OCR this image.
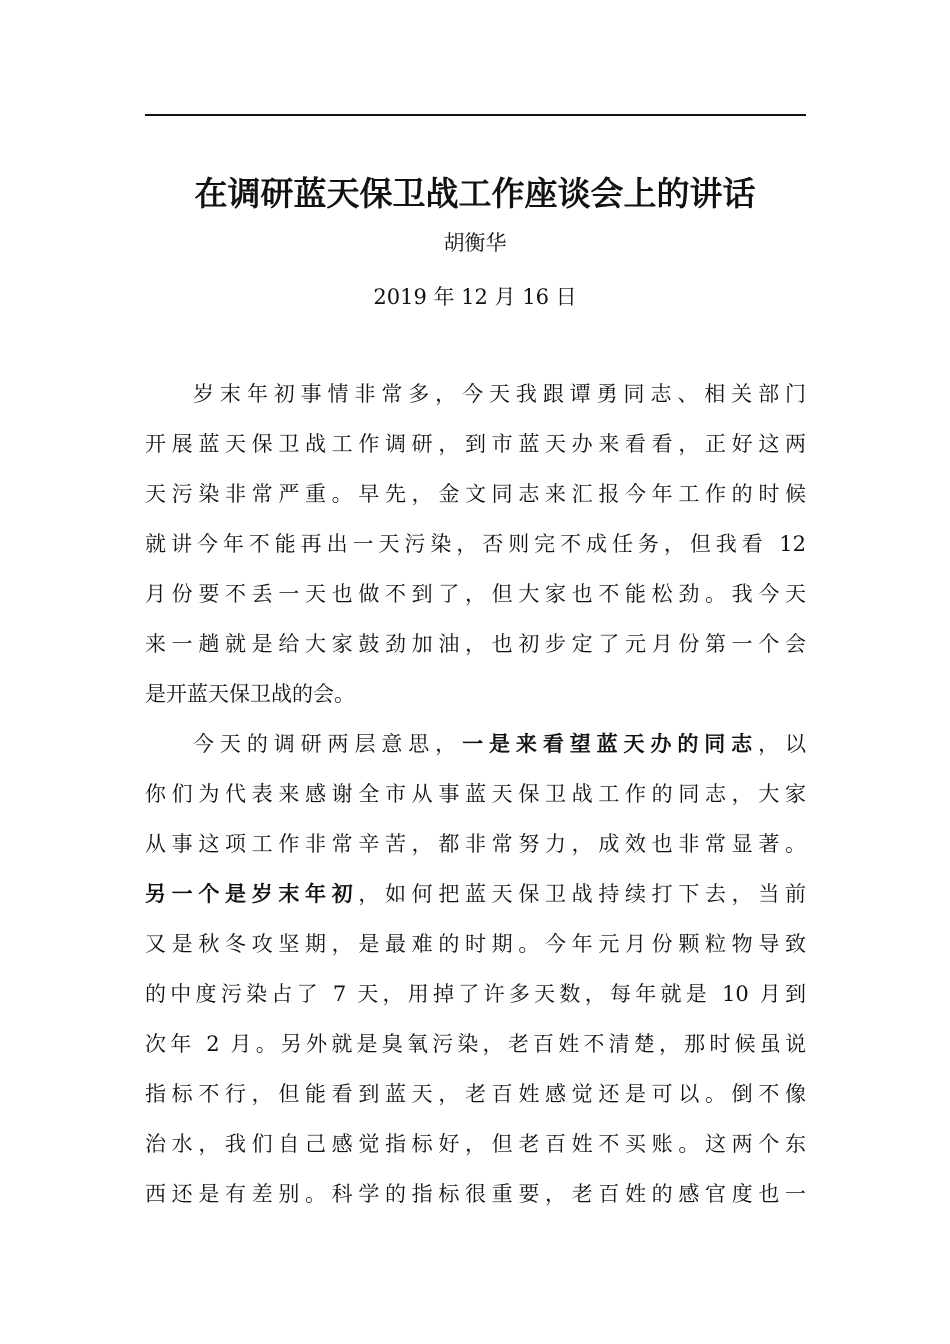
在调研蓝天保卫战工作座谈会上的讲话
胡衡华
2019 年 12 月 16 日
岁末年初事情非常多，今天我跟谭勇同志、相关部门
开展蓝天保卫战工作调研，到市蓝天办来看看，正好这两
天污染非常严重。早先，金文同志来汇报今年工作的时候
就讲今年不能再出一天污染，否则完不成任务，但我看 12
月份要不丢一天也做不到了，但大家也不能松劲。我今天
来一趟就是给大家鼓劲加油，也初步定了元月份第一个会
是开蓝天保卫战的会。
今天的调研两层意思，一是来看望蓝天办的同志，以
你们为代表来感谢全市从事蓝天保卫战工作的同志，大家
从事这项工作非常辛苦，都非常努力，成效也非常显著。
另一个是岁末年初，如何把蓝天保卫战持续打下去，当前
又是秋冬攻坚期，是最难的时期。今年元月份颗粒物导致
的中度污染占了 7 天，用掉了许多天数，每年就是 10 月到
次年 2 月。另外就是臭氧污染，老百姓不清楚，那时候虽说
指标不行，但能看到蓝天，老百姓感觉还是可以。倒不像
治水，我们自己感觉指标好，但老百姓不买账。这两个东
西还是有差别。科学的指标很重要，老百姓的感官度也一
